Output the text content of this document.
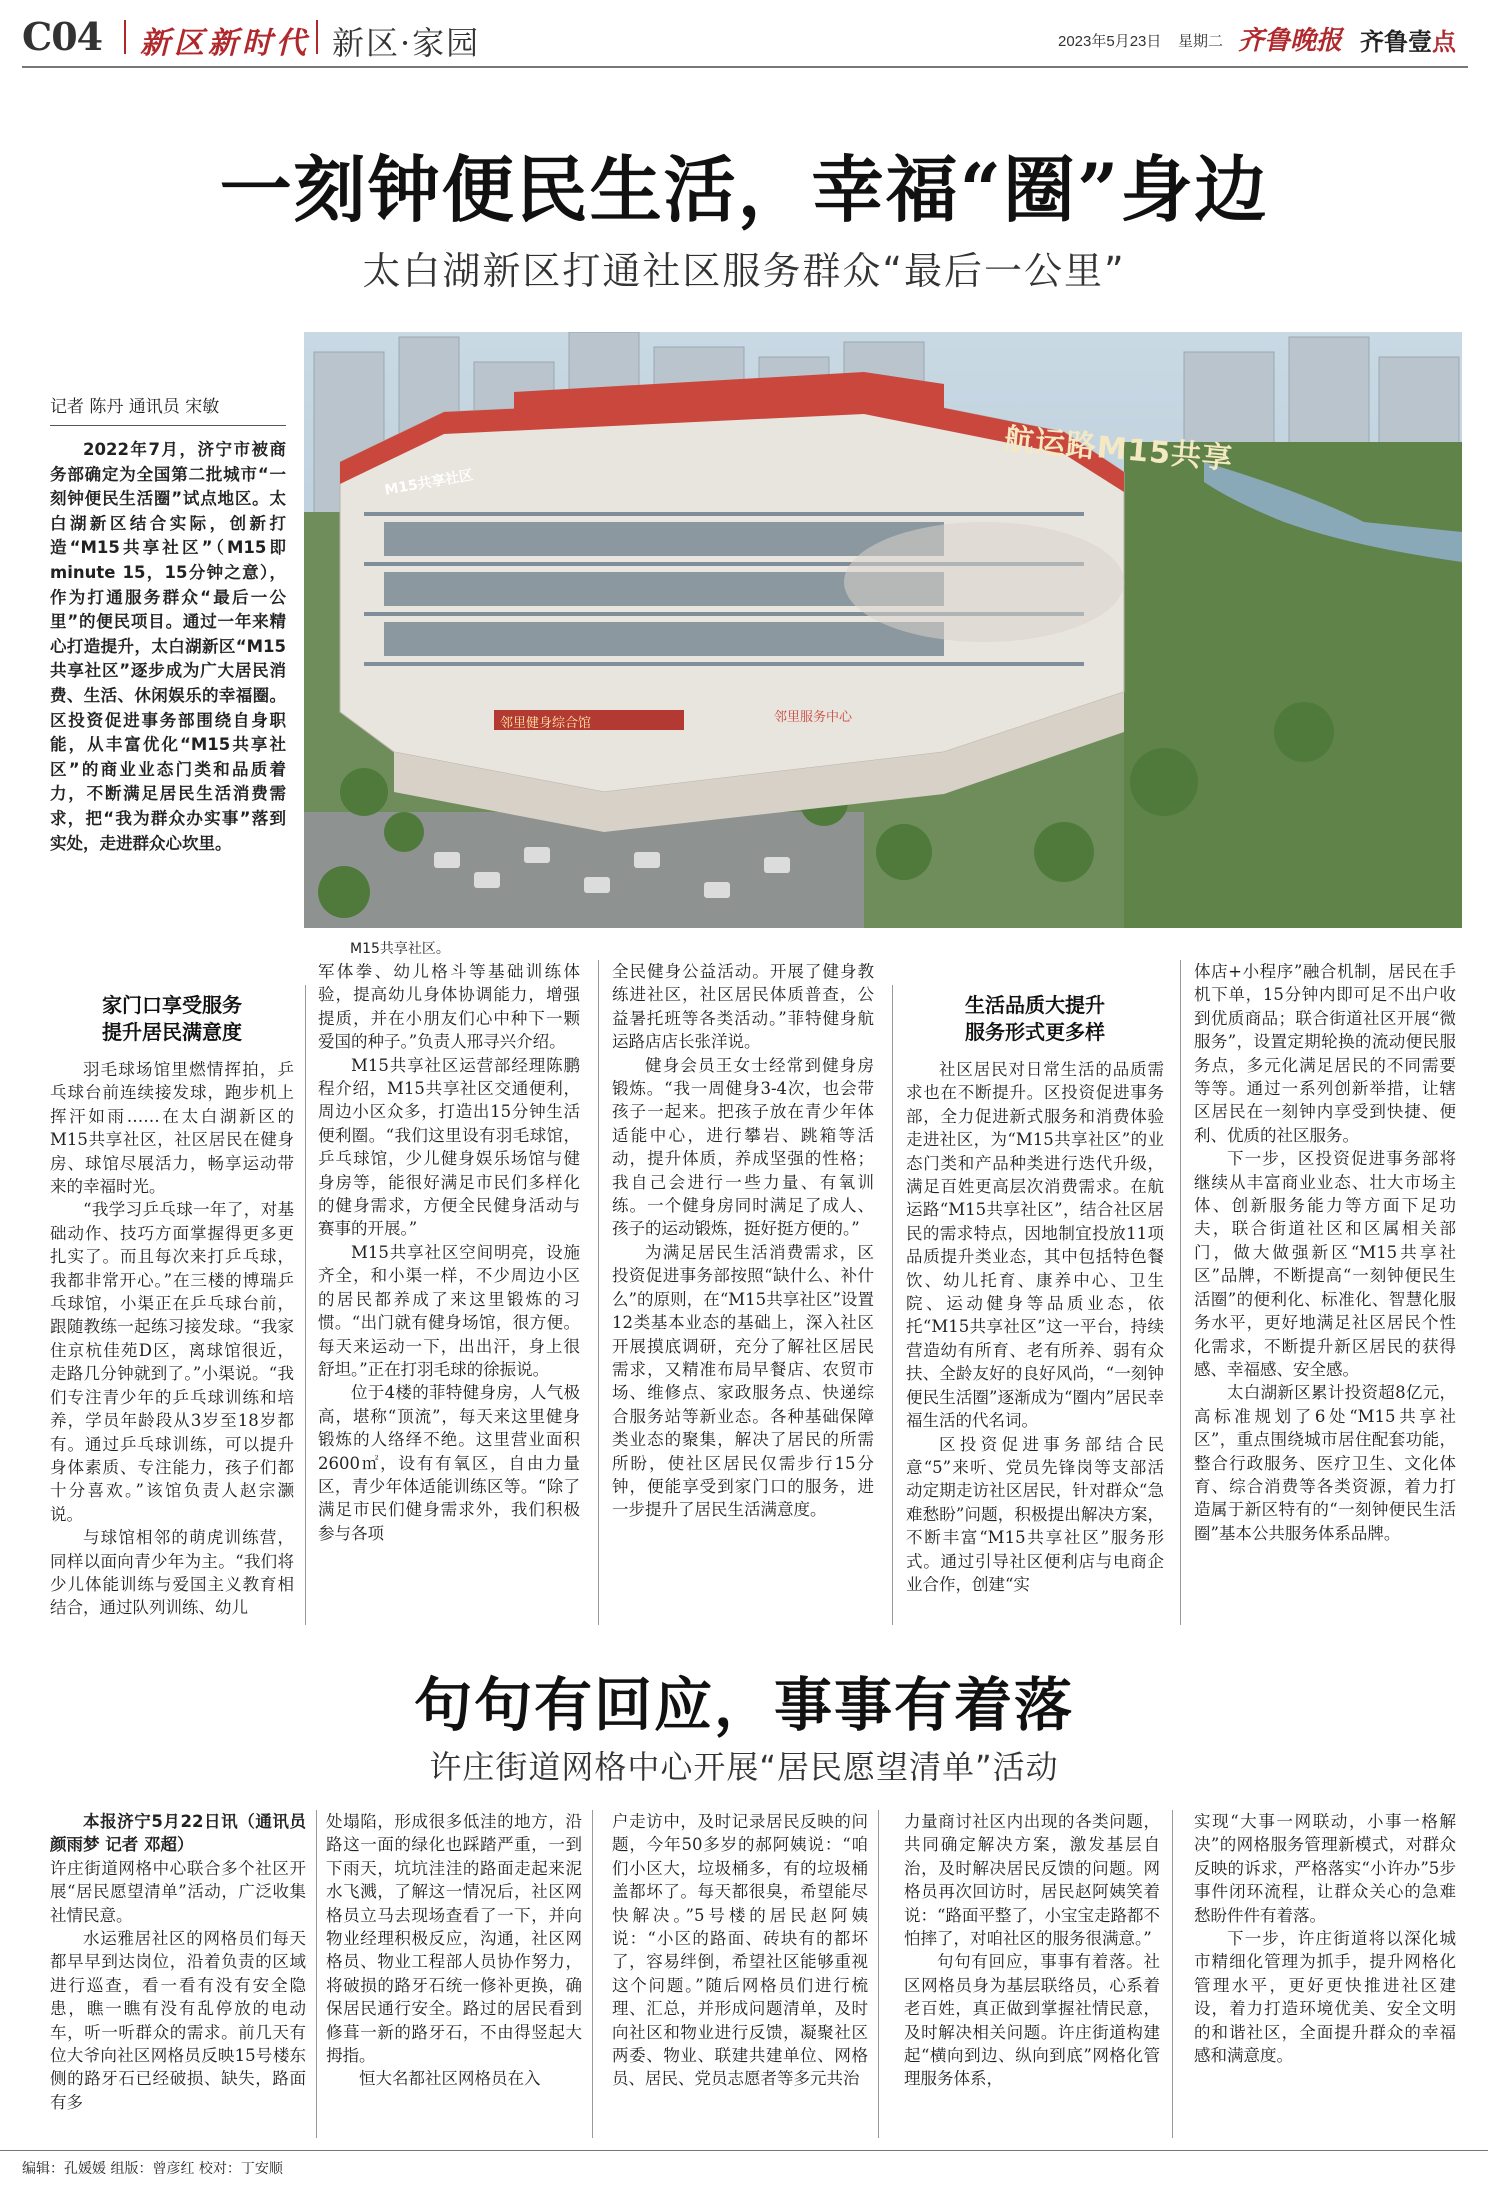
C04 新区新时代 新区·家园	2023年5月23日 星期二 齐鲁晚报 齐鲁壹点
一刻钟便民生活，幸福“圈”身边
太白湖新区打通社区服务群众“最后一公里”
记者 陈丹 通讯员 宋敏
2022年7月，济宁市被商务部确定为全国第二批城市“一刻钟便民生活圈”试点地区。太白湖新区结合实际，创新打造“M15共享社区”（M15即minute 15，15分钟之意），作为打通服务群众“最后一公里”的便民项目。通过一年来精心打造提升，太白湖新区“M15共享社区”逐步成为广大居民消费、生活、休闲娱乐的幸福圈。区投资促进事务部围绕自身职能，从丰富优化“M15共享社区”的商业业态门类和品质着力，不断满足居民生活消费需求，把“我为群众办实事”落到实处，走进群众心坎里。
航运路M15共享
M15共享社区
邻里健身综合馆	邻里服务中心
M15共享社区。
家门口享受服务
提升居民满意度

羽毛球场馆里燃情挥拍，乒乓球台前连续接发球，跑步机上挥汗如雨……在太白湖新区的M15共享社区，社区居民在健身房、球馆尽展活力，畅享运动带来的幸福时光。

“我学习乒乓球一年了，对基础动作、技巧方面掌握得更多更扎实了。而且每次来打乒乓球，我都非常开心。”在三楼的博瑞乒乓球馆，小渠正在乒乓球台前，跟随教练一起练习接发球。“我家住京杭佳苑D区，离球馆很近，走路几分钟就到了。”小渠说。“我们专注青少年的乒乓球训练和培养，学员年龄段从3岁至18岁都有。通过乒乓球训练，可以提升身体素质、专注能力，孩子们都十分喜欢。”该馆负责人赵宗灏说。

与球馆相邻的萌虎训练营，同样以面向青少年为主。“我们将少儿体能训练与爱国主义教育相结合，通过队列训练、幼儿

军体拳、幼儿格斗等基础训练体验，提高幼儿身体协调能力，增强提质，并在小朋友们心中种下一颗爱国的种子。”负责人邢寻兴介绍。

M15共享社区运营部经理陈鹏程介绍，M15共享社区交通便利，周边小区众多，打造出15分钟生活便利圈。“我们这里设有羽毛球馆，乒乓球馆，少儿健身娱乐场馆与健身房等，能很好满足市民们多样化的健身需求，方便全民健身活动与赛事的开展。”

M15共享社区空间明亮，设施齐全，和小渠一样，不少周边小区的居民都养成了来这里锻炼的习惯。“出门就有健身场馆，很方便。每天来运动一下，出出汗，身上很舒坦。”正在打羽毛球的徐振说。

位于4楼的菲特健身房，人气极高，堪称“顶流”，每天来这里健身锻炼的人络绎不绝。这里营业面积2600㎡，设有有氧区，自由力量区，青少年体适能训练区等。“除了满足市民们健身需求外，我们积极参与各项

全民健身公益活动。开展了健身教练进社区，社区居民体质普查，公益暑托班等各类活动。”菲特健身航运路店店长张洋说。

健身会员王女士经常到健身房锻炼。“我一周健身3-4次，也会带孩子一起来。把孩子放在青少年体适能中心，进行攀岩、跳箱等活动，提升体质，养成坚强的性格；我自己会进行一些力量、有氧训练。一个健身房同时满足了成人、孩子的运动锻炼，挺好挺方便的。”

为满足居民生活消费需求，区投资促进事务部按照“缺什么、补什么”的原则，在“M15共享社区”设置12类基本业态的基础上，深入社区开展摸底调研，充分了解社区居民需求，又精准布局早餐店、农贸市场、维修点、家政服务点、快递综合服务站等新业态。各种基础保障类业态的聚集，解决了居民的所需所盼，使社区居民仅需步行15分钟，便能享受到家门口的服务，进一步提升了居民生活满意度。

生活品质大提升
服务形式更多样

社区居民对日常生活的品质需求也在不断提升。区投资促进事务部，全力促进新式服务和消费体验走进社区，为“M15共享社区”的业态门类和产品种类进行迭代升级，满足百姓更高层次消费需求。在航运路“M15共享社区”，结合社区居民的需求特点，因地制宜投放11项品质提升类业态，其中包括特色餐饮、幼儿托育、康养中心、卫生院、运动健身等品质业态，依托“M15共享社区”这一平台，持续营造幼有所育、老有所养、弱有众扶、全龄友好的良好风尚，“一刻钟便民生活圈”逐渐成为“圈内”居民幸福生活的代名词。

区投资促进事务部结合民意“5”来听、党员先锋岗等支部活动定期走访社区居民，针对群众“急难愁盼”问题，积极提出解决方案，不断丰富“M15共享社区”服务形式。通过引导社区便利店与电商企业合作，创建“实

体店+小程序”融合机制，居民在手机下单，15分钟内即可足不出户收到优质商品；联合街道社区开展“微服务”，设置定期轮换的流动便民服务点，多元化满足居民的不同需要等等。通过一系列创新举措，让辖区居民在一刻钟内享受到快捷、便利、优质的社区服务。

下一步，区投资促进事务部将继续从丰富商业业态、壮大市场主体、创新服务能力等方面下足功夫，联合街道社区和区属相关部门，做大做强新区“M15共享社区”品牌，不断提高“一刻钟便民生活圈”的便利化、标准化、智慧化服务水平，更好地满足社区居民个性化需求，不断提升新区居民的获得感、幸福感、安全感。

太白湖新区累计投资超8亿元，高标准规划了6处“M15共享社区”，重点围绕城市居住配套功能，整合行政服务、医疗卫生、文化体育、综合消费等各类资源，着力打造属于新区特有的“一刻钟便民生活圈”基本公共服务体系品牌。

句句有回应，事事有着落
许庄街道网格中心开展“居民愿望清单”活动

本报济宁5月22日讯（通讯员 颜雨梦 记者 邓超）

许庄街道网格中心联合多个社区开展“居民愿望清单”活动，广泛收集社情民意。

水运雅居社区的网格员们每天都早早到达岗位，沿着负责的区域进行巡查，看一看有没有安全隐患，瞧一瞧有没有乱停放的电动车，听一听群众的需求。前几天有位大爷向社区网格员反映15号楼东侧的路牙石已经破损、缺失，路面有多

处塌陷，形成很多低洼的地方，沿路这一面的绿化也踩踏严重，一到下雨天，坑坑洼洼的路面走起来泥水飞溅，了解这一情况后，社区网格员立马去现场查看了一下，并向物业经理积极反应，沟通，社区网格员、物业工程部人员协作努力，将破损的路牙石统一修补更换，确保居民通行安全。路过的居民看到修葺一新的路牙石，不由得竖起大拇指。

恒大名都社区网格员在入

户走访中，及时记录居民反映的问题，今年50多岁的郝阿姨说：“咱们小区大，垃圾桶多，有的垃圾桶盖都坏了。每天都很臭，希望能尽快解决。”5号楼的居民赵阿姨说：“小区的路面、砖块有的都坏了，容易绊倒，希望社区能够重视这个问题。”随后网格员们进行梳理、汇总，并形成问题清单，及时向社区和物业进行反馈，凝聚社区两委、物业、联建共建单位、网格员、居民、党员志愿者等多元共治

力量商讨社区内出现的各类问题，共同确定解决方案，激发基层自治，及时解决居民反馈的问题。网格员再次回访时，居民赵阿姨笑着说：“路面平整了，小宝宝走路都不怕摔了，对咱社区的服务很满意。”

句句有回应，事事有着落。社区网格员身为基层联络员，心系着老百姓，真正做到掌握社情民意，及时解决相关问题。许庄街道构建起“横向到边、纵向到底”网格化管理服务体系，

实现“大事一网联动，小事一格解决”的网格服务管理新模式，对群众反映的诉求，严格落实“小许办”5步事件闭环流程，让群众关心的急难愁盼件件有着落。

下一步，许庄街道将以深化城市精细化管理为抓手，提升网格化管理水平，更好更快推进社区建设，着力打造环境优美、安全文明的和谐社区，全面提升群众的幸福感和满意度。

编辑：孔媛媛 组版：曾彦红 校对：丁安顺
